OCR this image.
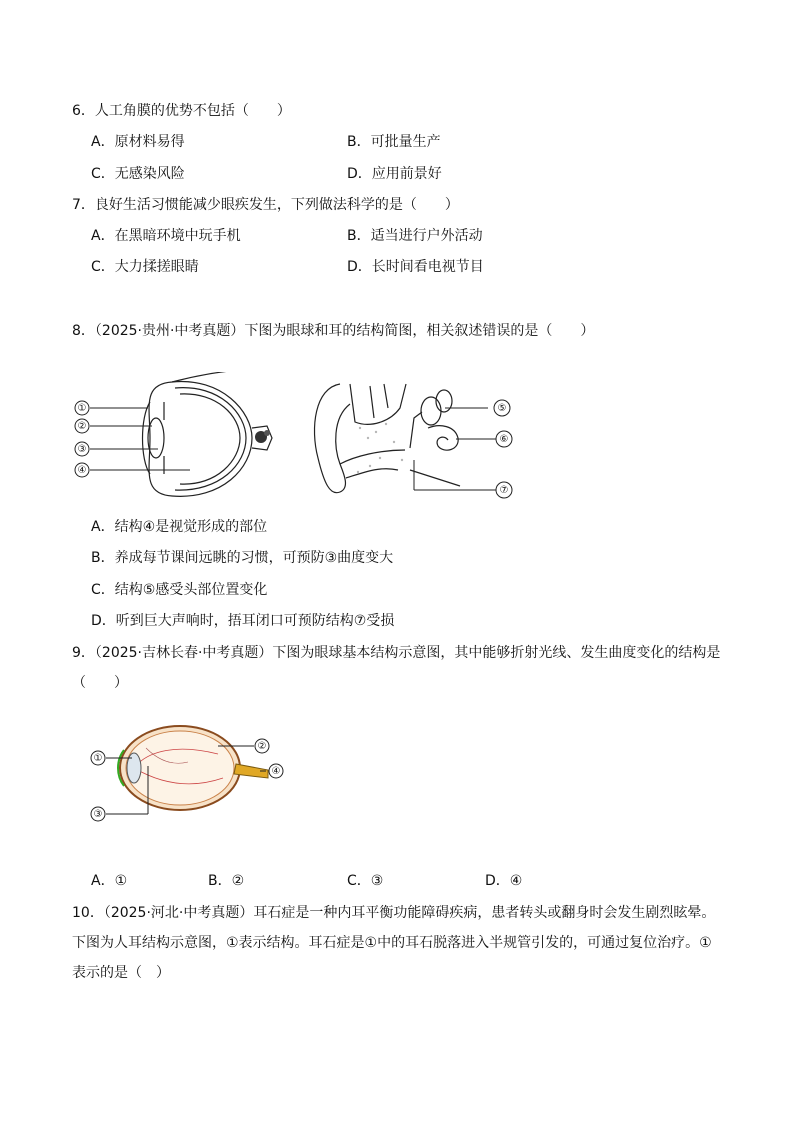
6．人工角膜的优势不包括（　　）
A．原材料易得	B．可批量生产
C．无感染风险	D．应用前景好
7．良好生活习惯能减少眼疾发生，下列做法科学的是（　　）
A．在黑暗环境中玩手机	B．适当进行户外活动
C．大力揉搓眼睛	D．长时间看电视节目
8．（2025·贵州·中考真题）下图为眼球和耳的结构简图，相关叙述错误的是（　　）
①
②
③
④
⑤
⑥
⑦
A．结构④是视觉形成的部位
B．养成每节课间远眺的习惯，可预防③曲度变大
C．结构⑤感受头部位置变化
D．听到巨大声响时，捂耳闭口可预防结构⑦受损
9．（2025·吉林长春·中考真题）下图为眼球基本结构示意图，其中能够折射光线、发生曲度变化的结构是（　　）
①
②
③
④
A．①	B．②	C．③	D．④
10．（2025·河北·中考真题）耳石症是一种内耳平衡功能障碍疾病，患者转头或翻身时会发生剧烈眩晕。下图为人耳结构示意图，①表示结构。耳石症是①中的耳石脱落进入半规管引发的，可通过复位治疗。①表示的是（　）
